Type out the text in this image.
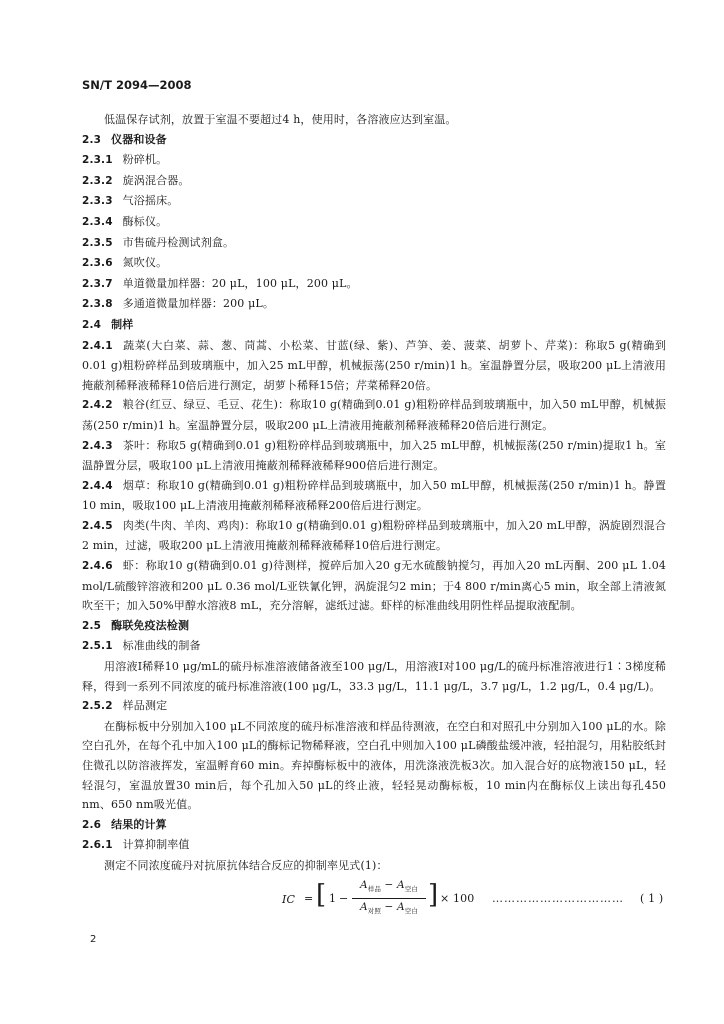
SN/T 2094—2008

低温保存试剂，放置于室温不要超过4 h，使用时，各溶液应达到室温。

2.3 仪器和设备

2.3.1 粉碎机。

2.3.2 旋涡混合器。

2.3.3 气浴摇床。

2.3.4 酶标仪。

2.3.5 市售硫丹检测试剂盒。

2.3.6 氮吹仪。

2.3.7 单道微量加样器：20 μL，100 μL，200 μL。

2.3.8 多通道微量加样器：200 μL。

2.4 制样

2.4.1 蔬菜(大白菜、蒜、葱、茼蒿、小松菜、甘蓝(绿、紫)、芦笋、姜、菠菜、胡萝卜、芹菜)：称取5 g(精确到0.01 g)粗粉碎样品到玻璃瓶中，加入25 mL甲醇，机械振荡(250 r/min)1 h。室温静置分层，吸取200 μL上清液用掩蔽剂稀释液稀释10倍后进行测定，胡萝卜稀释15倍；芹菜稀释20倍。

2.4.2 粮谷(红豆、绿豆、毛豆、花生)：称取10 g(精确到0.01 g)粗粉碎样品到玻璃瓶中，加入50 mL甲醇，机械振荡(250 r/min)1 h。室温静置分层，吸取200 μL上清液用掩蔽剂稀释液稀释20倍后进行测定。

2.4.3 茶叶：称取5 g(精确到0.01 g)粗粉碎样品到玻璃瓶中，加入25 mL甲醇，机械振荡(250 r/min)提取1 h。室温静置分层，吸取100 μL上清液用掩蔽剂稀释液稀释900倍后进行测定。

2.4.4 烟草：称取10 g(精确到0.01 g)粗粉碎样品到玻璃瓶中，加入50 mL甲醇，机械振荡(250 r/min)1 h。静置10 min，吸取100 μL上清液用掩蔽剂稀释液稀释200倍后进行测定。

2.4.5 肉类(牛肉、羊肉、鸡肉)：称取10 g(精确到0.01 g)粗粉碎样品到玻璃瓶中，加入20 mL甲醇，涡旋剧烈混合2 min，过滤，吸取200 μL上清液用掩蔽剂稀释液稀释10倍后进行测定。

2.4.6 虾：称取10 g(精确到0.01 g)待测样，搅碎后加入20 g无水硫酸钠搅匀，再加入20 mL丙酮、200 μL 1.04 mol/L硫酸锌溶液和200 μL 0.36 mol/L亚铁氰化钾，涡旋混匀2 min；于4 800 r/min离心5 min，取全部上清液氮吹至干；加入50%甲醇水溶液8 mL，充分溶解，滤纸过滤。虾样的标准曲线用阴性样品提取液配制。

2.5 酶联免疫法检测

2.5.1 标准曲线的制备

用溶液Ⅰ稀释10 μg/mL的硫丹标准溶液储备液至100 μg/L，用溶液Ⅰ对100 μg/L的硫丹标准溶液进行1∶3梯度稀释，得到一系列不同浓度的硫丹标准溶液(100 μg/L，33.3 μg/L，11.1 μg/L，3.7 μg/L，1.2 μg/L，0.4 μg/L)。

2.5.2 样品测定

在酶标板中分别加入100 μL不同浓度的硫丹标准溶液和样品待测液，在空白和对照孔中分别加入100 μL的水。除空白孔外，在每个孔中加入100 μL的酶标记物稀释液，空白孔中则加入100 μL磷酸盐缓冲液，轻拍混匀，用粘胶纸封住微孔以防溶液挥发，室温孵育60 min。弃掉酶标板中的液体，用洗涤液洗板3次。加入混合好的底物液150 μL，轻轻混匀，室温放置30 min后，每个孔加入50 μL的终止液，轻轻晃动酶标板，10 min内在酶标仪上读出每孔450 nm、650 nm吸光值。

2.6 结果的计算

2.6.1 计算抑制率值

测定不同浓度硫丹对抗原抗体结合反应的抑制率见式(1)：

IC = [ 1 −
$A_{样品} - A_{空白}$
$A_{对照} - A_{空白}$
] × 100 …………………………… ( 1 )
2
